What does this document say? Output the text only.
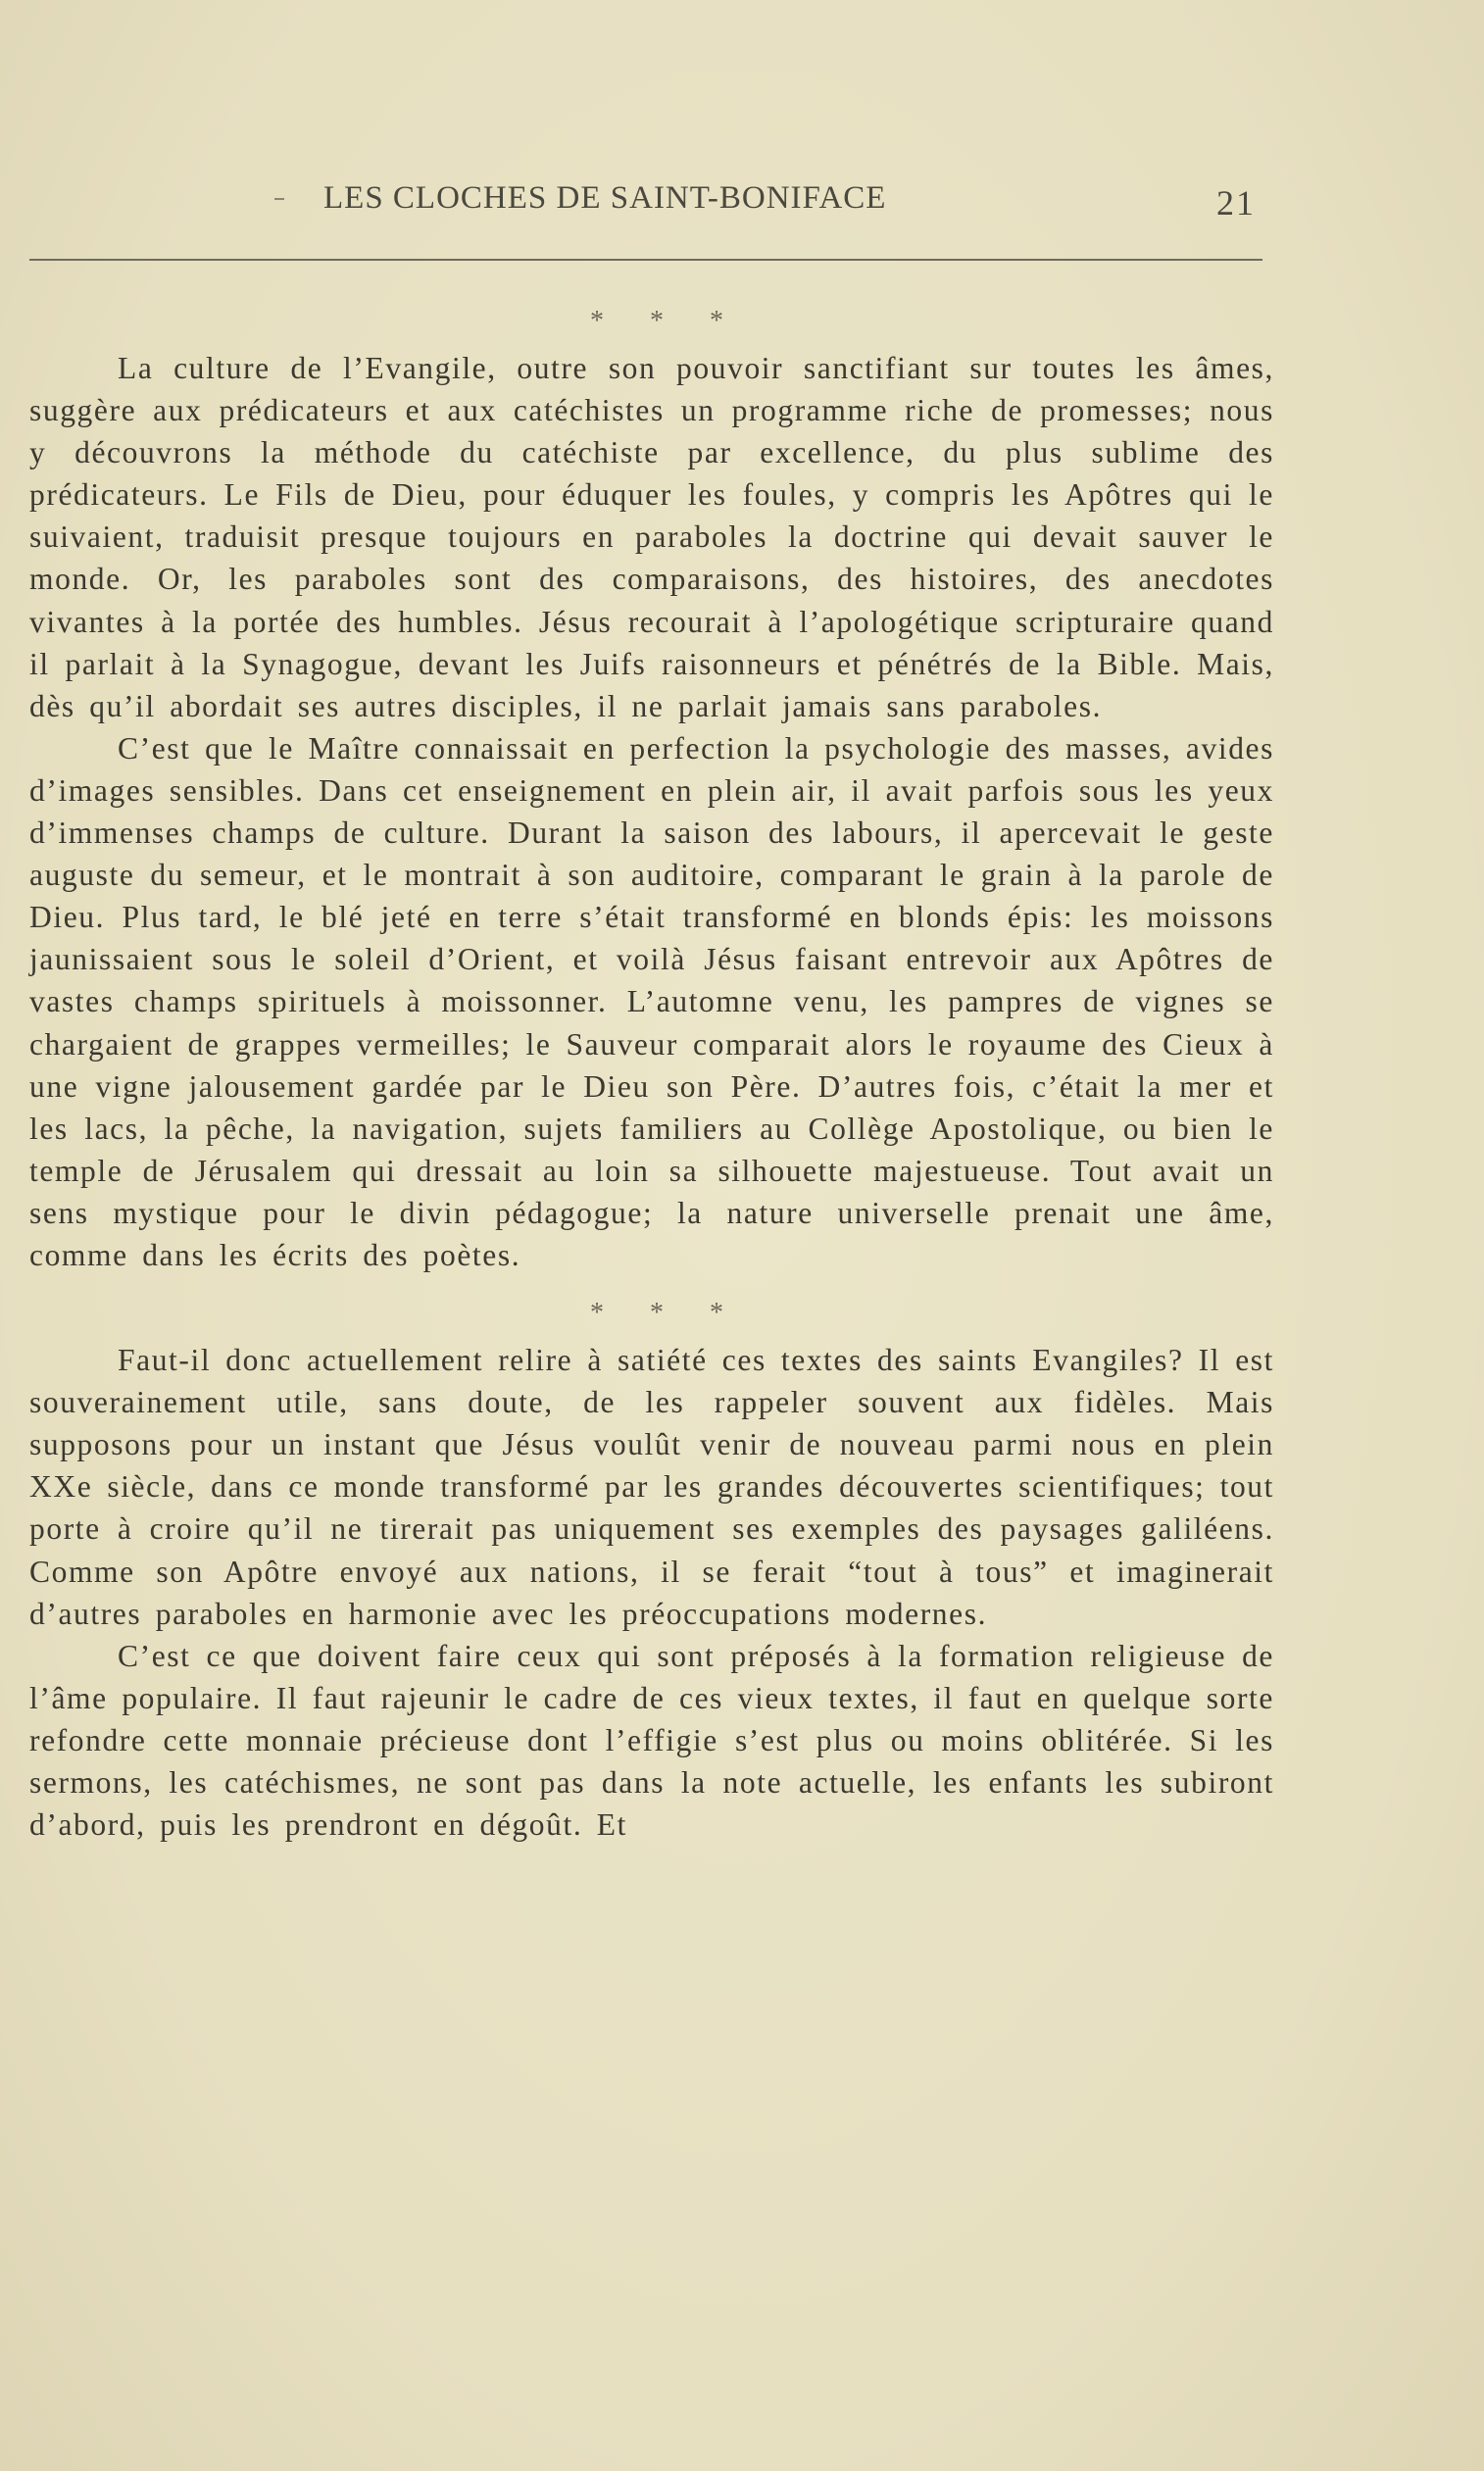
LES CLOCHES DE SAINT-BONIFACE	21
* * *

La culture de l’Evangile, outre son pouvoir sanctifiant sur toutes les âmes, suggère aux prédicateurs et aux catéchistes un programme riche de promesses; nous y découvrons la méthode du catéchiste par excellence, du plus sublime des prédicateurs. Le Fils de Dieu, pour éduquer les foules, y compris les Apôtres qui le suivaient, traduisit presque toujours en paraboles la doctrine qui devait sauver le monde. Or, les paraboles sont des comparaisons, des histoires, des anecdotes vivantes à la portée des humbles. Jésus recourait à l’apologétique scripturaire quand il parlait à la Synagogue, devant les Juifs raisonneurs et pénétrés de la Bible. Mais, dès qu’il abordait ses autres disciples, il ne parlait jamais sans paraboles.

C’est que le Maître connaissait en perfection la psychologie des masses, avides d’images sensibles. Dans cet enseignement en plein air, il avait parfois sous les yeux d’immenses champs de culture. Durant la saison des labours, il apercevait le geste auguste du semeur, et le montrait à son auditoire, comparant le grain à la parole de Dieu. Plus tard, le blé jeté en terre s’était transformé en blonds épis: les moissons jaunissaient sous le soleil d’Orient, et voilà Jésus faisant entrevoir aux Apôtres de vastes champs spirituels à moissonner. L’automne venu, les pampres de vignes se chargaient de grappes vermeilles; le Sauveur comparait alors le royaume des Cieux à une vigne jalousement gardée par le Dieu son Père. D’autres fois, c’était la mer et les lacs, la pêche, la navigation, sujets familiers au Collège Apostolique, ou bien le temple de Jérusalem qui dressait au loin sa silhouette majestueuse. Tout avait un sens mystique pour le divin pédagogue; la nature universelle prenait une âme, comme dans les écrits des poètes.

* * *

Faut-il donc actuellement relire à satiété ces textes des saints Evangiles? Il est souverainement utile, sans doute, de les rappeler souvent aux fidèles. Mais supposons pour un instant que Jésus voulût venir de nouveau parmi nous en plein XXe siècle, dans ce monde transformé par les grandes découvertes scientifiques; tout porte à croire qu’il ne tirerait pas uniquement ses exemples des paysages galiléens. Comme son Apôtre envoyé aux nations, il se ferait “tout à tous” et imaginerait d’autres paraboles en harmonie avec les préoccupations modernes.

C’est ce que doivent faire ceux qui sont préposés à la formation religieuse de l’âme populaire. Il faut rajeunir le cadre de ces vieux textes, il faut en quelque sorte refondre cette monnaie précieuse dont l’effigie s’est plus ou moins oblitérée. Si les sermons, les catéchismes, ne sont pas dans la note actuelle, les enfants les subiront d’abord, puis les prendront en dégoût. Et
